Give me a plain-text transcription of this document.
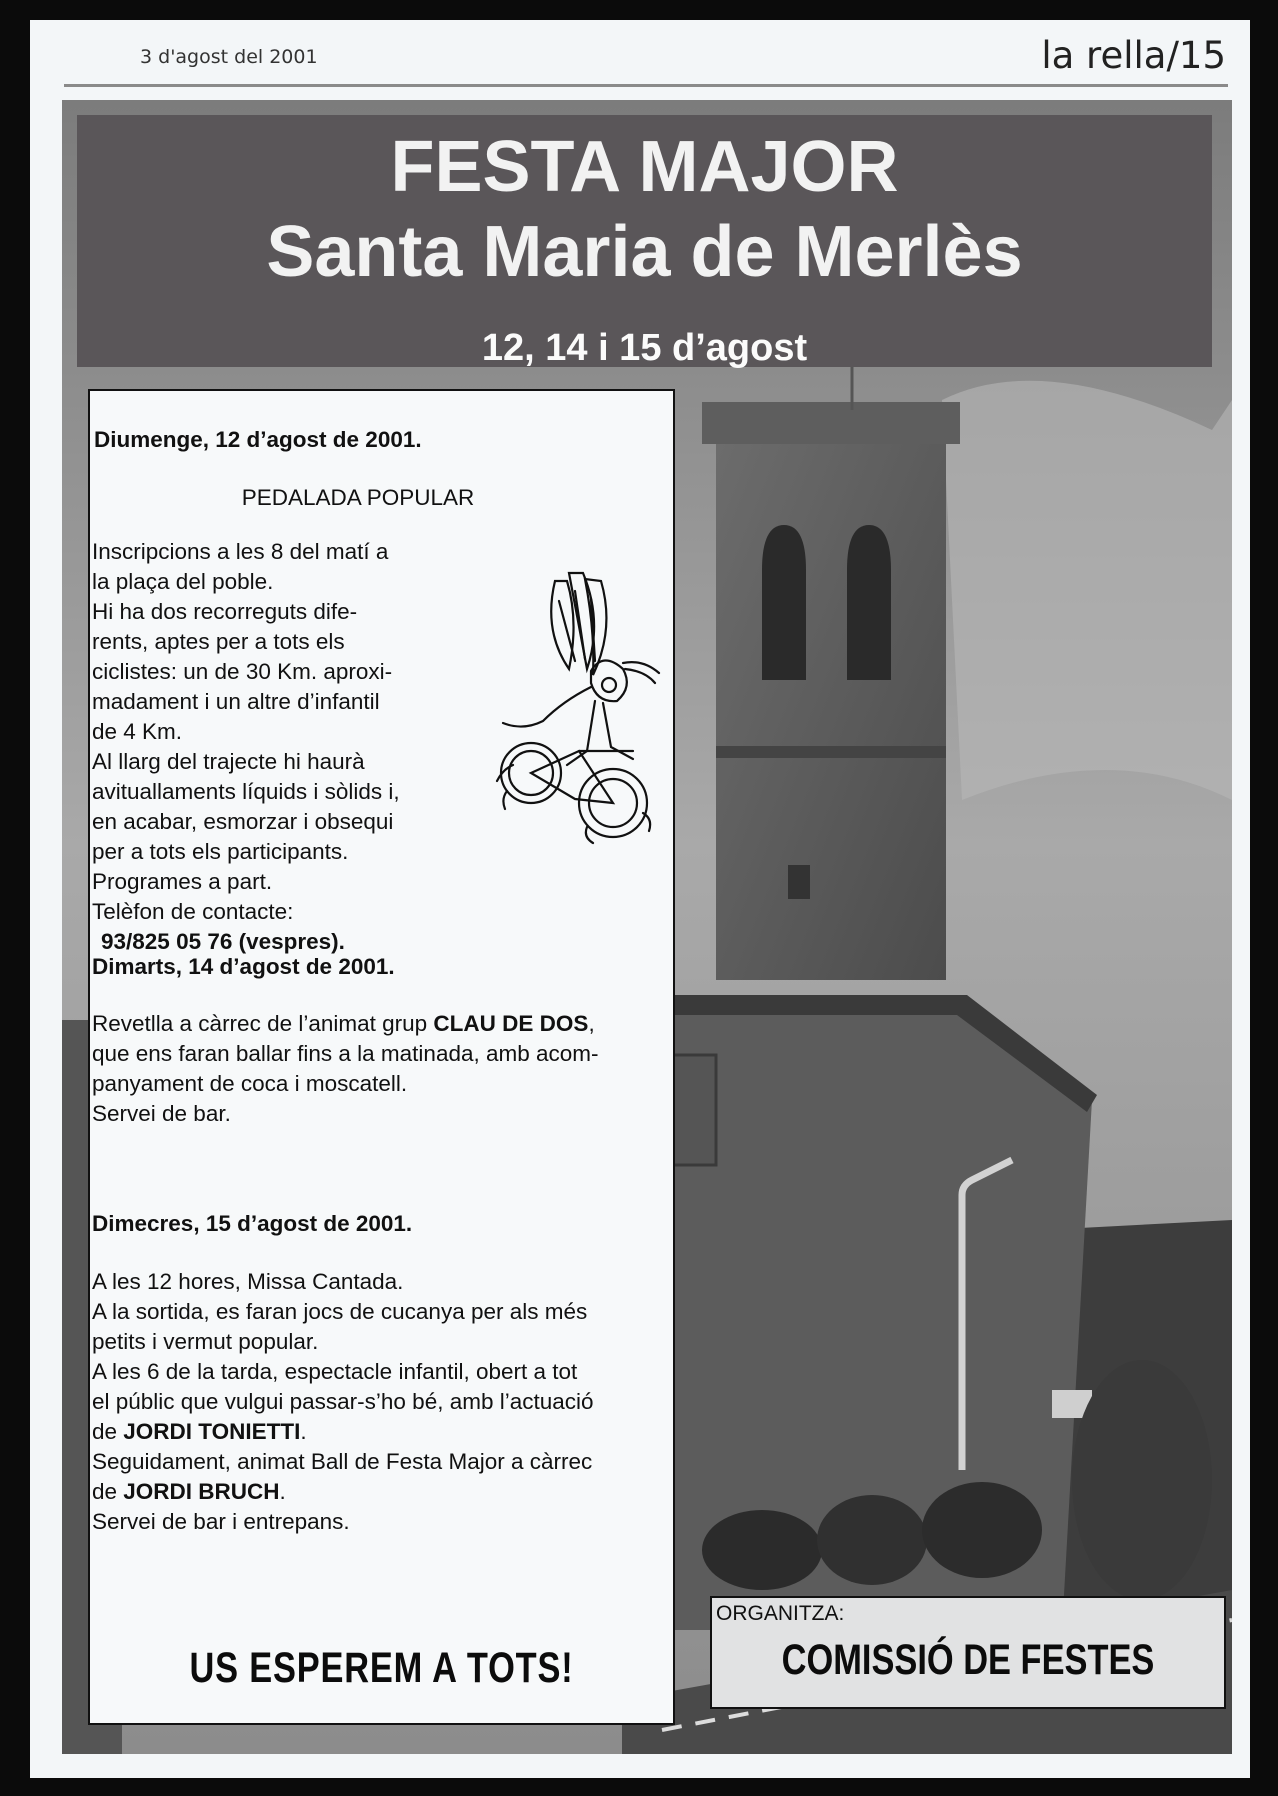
3 d'agost del 2001	la rella/15
FESTA MAJOR
Santa Maria de Merlès
12, 14 i 15 d’agost
Diumenge, 12 d’agost de 2001.
PEDALADA POPULAR
Inscripcions a les 8 del matí a
la plaça del poble.
Hi ha dos recorreguts dife-
rents, aptes per a tots els
ciclistes: un de 30 Km. aproxi-
madament i un altre d’infantil
de 4 Km.
Al llarg del trajecte hi haurà
avituallaments líquids i sòlids i,
en acabar, esmorzar i obsequi
per a tots els participants.
Programes a part.
Telèfon de contacte:
93/825 05 76 (vespres).
Dimarts, 14 d’agost de 2001.
Revetlla a càrrec de l’animat grup CLAU DE DOS,
que ens faran ballar fins a la matinada, amb acom-
panyament de coca i moscatell.
Servei de bar.
Dimecres, 15 d’agost de 2001.
A les 12 hores, Missa Cantada.
A la sortida, es faran jocs de cucanya per als més
petits i vermut popular.
A les 6 de la tarda, espectacle infantil, obert a tot
el públic que vulgui passar-s’ho bé, amb l’actuació
de JORDI TONIETTI.
Seguidament, animat Ball de Festa Major a càrrec
de JORDI BRUCH.
Servei de bar i entrepans.
US ESPEREM A TOTS!
ORGANITZA:
COMISSIÓ DE FESTES
